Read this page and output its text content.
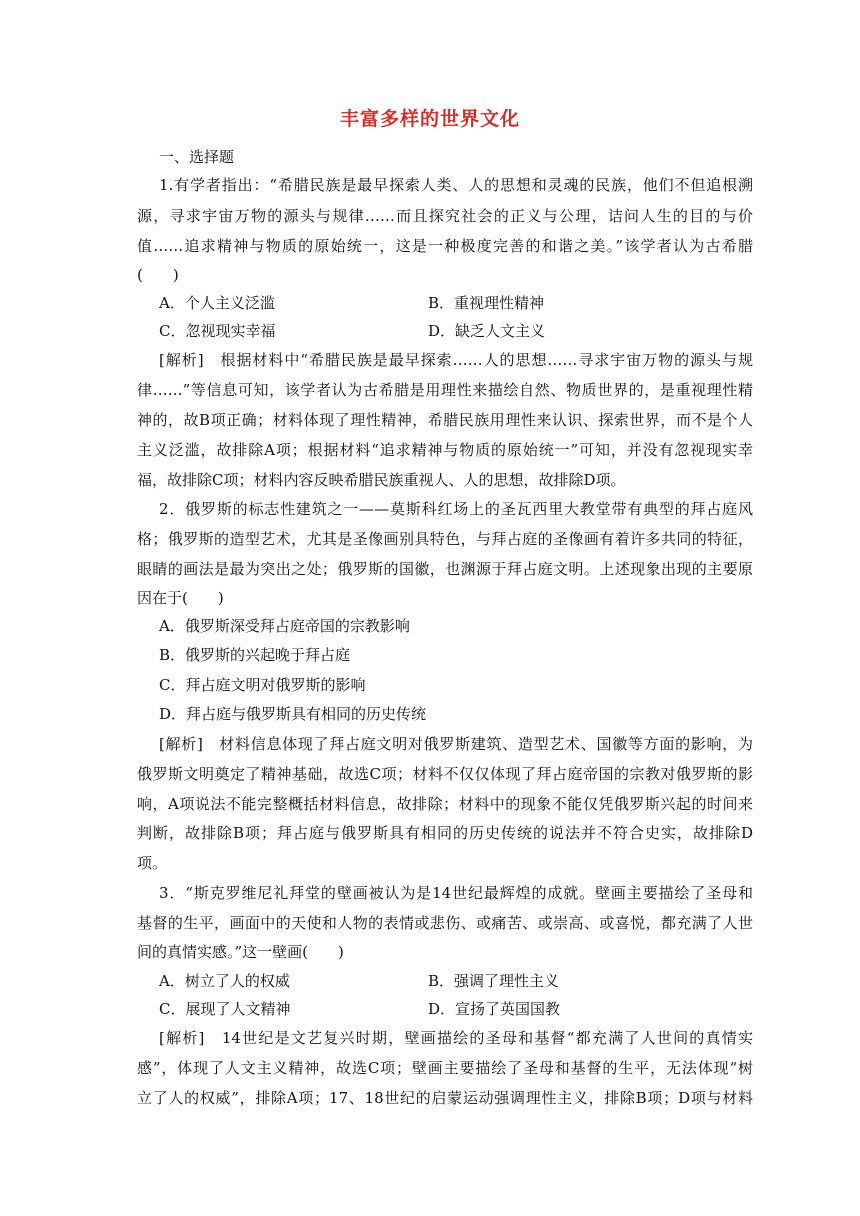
丰富多样的世界文化
一、选择题
1.有学者指出：“希腊民族是最早探索人类、人的思想和灵魂的民族，他们不但追根溯
源，寻求宇宙万物的源头与规律……而且探究社会的正义与公理，诘问人生的目的与价
值……追求精神与物质的原始统一，这是一种极度完善的和谐之美。”该学者认为古希腊
(　　)
A．个人主义泛滥	B．重视理性精神
C．忽视现实幸福	D．缺乏人文主义
[解析]　根据材料中“希腊民族是最早探索……人的思想……寻求宇宙万物的源头与规
律……”等信息可知，该学者认为古希腊是用理性来描绘自然、物质世界的，是重视理性精
神的，故B项正确；材料体现了理性精神，希腊民族用理性来认识、探索世界，而不是个人
主义泛滥，故排除A项；根据材料“追求精神与物质的原始统一”可知，并没有忽视现实幸
福，故排除C项；材料内容反映希腊民族重视人、人的思想，故排除D项。
2．俄罗斯的标志性建筑之一——莫斯科红场上的圣瓦西里大教堂带有典型的拜占庭风
格；俄罗斯的造型艺术，尤其是圣像画别具特色，与拜占庭的圣像画有着许多共同的特征，
眼睛的画法是最为突出之处；俄罗斯的国徽，也渊源于拜占庭文明。上述现象出现的主要原
因在于(　　)
A．俄罗斯深受拜占庭帝国的宗教影响
B．俄罗斯的兴起晚于拜占庭
C．拜占庭文明对俄罗斯的影响
D．拜占庭与俄罗斯具有相同的历史传统
[解析]　材料信息体现了拜占庭文明对俄罗斯建筑、造型艺术、国徽等方面的影响，为
俄罗斯文明奠定了精神基础，故选C项；材料不仅仅体现了拜占庭帝国的宗教对俄罗斯的影
响，A项说法不能完整概括材料信息，故排除；材料中的现象不能仅凭俄罗斯兴起的时间来
判断，故排除B项；拜占庭与俄罗斯具有相同的历史传统的说法并不符合史实，故排除D
项。
3．“斯克罗维尼礼拜堂的壁画被认为是14世纪最辉煌的成就。壁画主要描绘了圣母和
基督的生平，画面中的天使和人物的表情或悲伤、或痛苦、或崇高、或喜悦，都充满了人世
间的真情实感。”这一壁画(　　)
A．树立了人的权威	B．强调了理性主义
C．展现了人文精神	D．宣扬了英国国教
[解析]　14世纪是文艺复兴时期，壁画描绘的圣母和基督“都充满了人世间的真情实
感”，体现了人文主义精神，故选C项；壁画主要描绘了圣母和基督的生平，无法体现“树
立了人的权威”，排除A项；17、18世纪的启蒙运动强调理性主义，排除B项；D项与材料
